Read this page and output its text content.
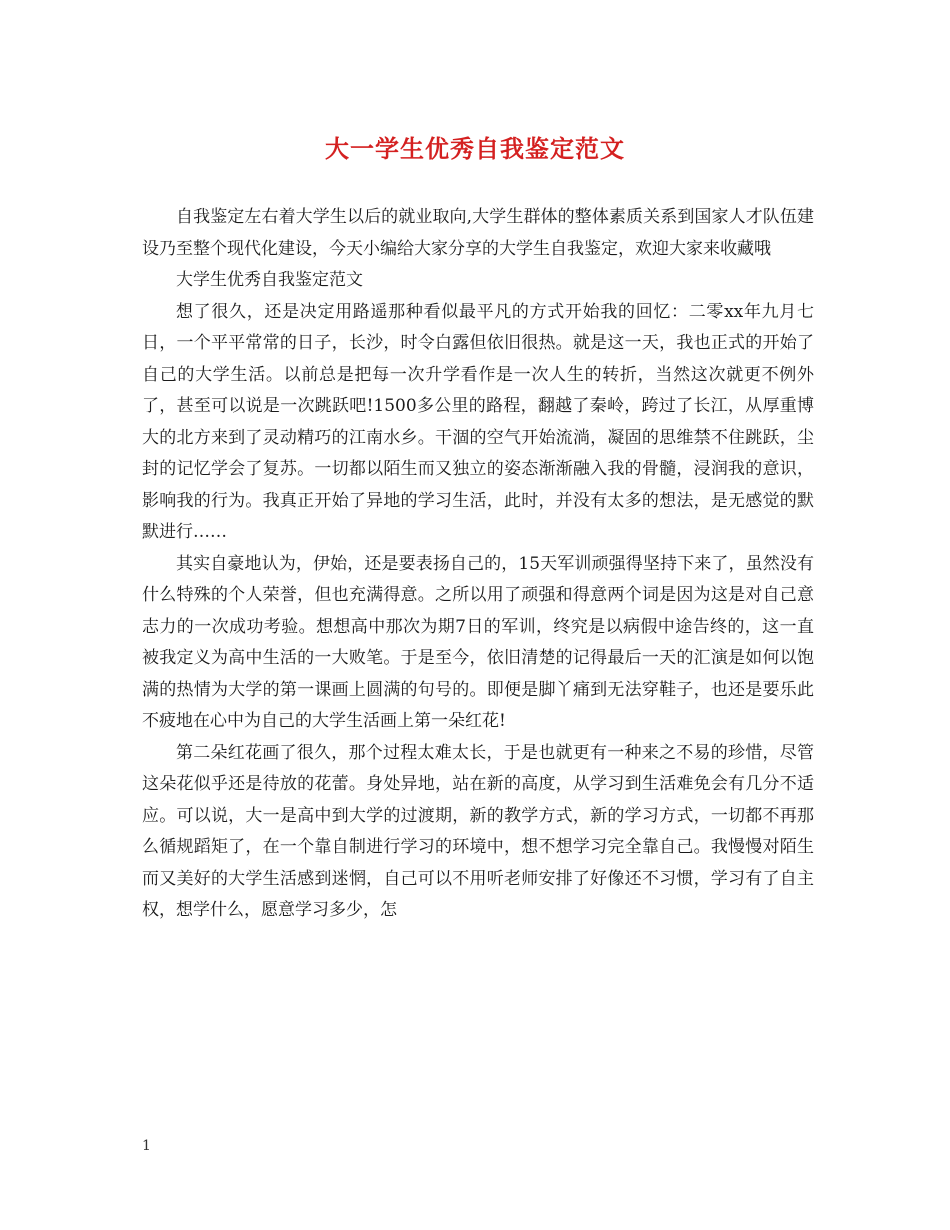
大一学生优秀自我鉴定范文

自我鉴定左右着大学生以后的就业取向,大学生群体的整体素质关系到国家人才队伍建设乃至整个现代化建设，今天小编给大家分享的大学生自我鉴定，欢迎大家来收藏哦

大学生优秀自我鉴定范文

想了很久，还是决定用路遥那种看似最平凡的方式开始我的回忆：二零xx年九月七日，一个平平常常的日子，长沙，时令白露但依旧很热。就是这一天，我也正式的开始了自己的大学生活。以前总是把每一次升学看作是一次人生的转折，当然这次就更不例外了，甚至可以说是一次跳跃吧!1500多公里的路程，翻越了秦岭，跨过了长江，从厚重博大的北方来到了灵动精巧的江南水乡。干涸的空气开始流淌，凝固的思维禁不住跳跃，尘封的记忆学会了复苏。一切都以陌生而又独立的姿态渐渐融入我的骨髓，浸润我的意识，影响我的行为。我真正开始了异地的学习生活，此时，并没有太多的想法，是无感觉的默默进行……

其实自豪地认为，伊始，还是要表扬自己的，15天军训顽强得坚持下来了，虽然没有什么特殊的个人荣誉，但也充满得意。之所以用了顽强和得意两个词是因为这是对自己意志力的一次成功考验。想想高中那次为期7日的军训，终究是以病假中途告终的，这一直被我定义为高中生活的一大败笔。于是至今，依旧清楚的记得最后一天的汇演是如何以饱满的热情为大学的第一课画上圆满的句号的。即便是脚丫痛到无法穿鞋子，也还是要乐此不疲地在心中为自己的大学生活画上第一朵红花!

第二朵红花画了很久，那个过程太难太长，于是也就更有一种来之不易的珍惜，尽管这朵花似乎还是待放的花蕾。身处异地，站在新的高度，从学习到生活难免会有几分不适应。可以说，大一是高中到大学的过渡期，新的教学方式，新的学习方式，一切都不再那么循规蹈矩了，在一个靠自制进行学习的环境中，想不想学习完全靠自己。我慢慢对陌生而又美好的大学生活感到迷惘，自己可以不用听老师安排了好像还不习惯，学习有了自主权，想学什么，愿意学习多少，怎

1
